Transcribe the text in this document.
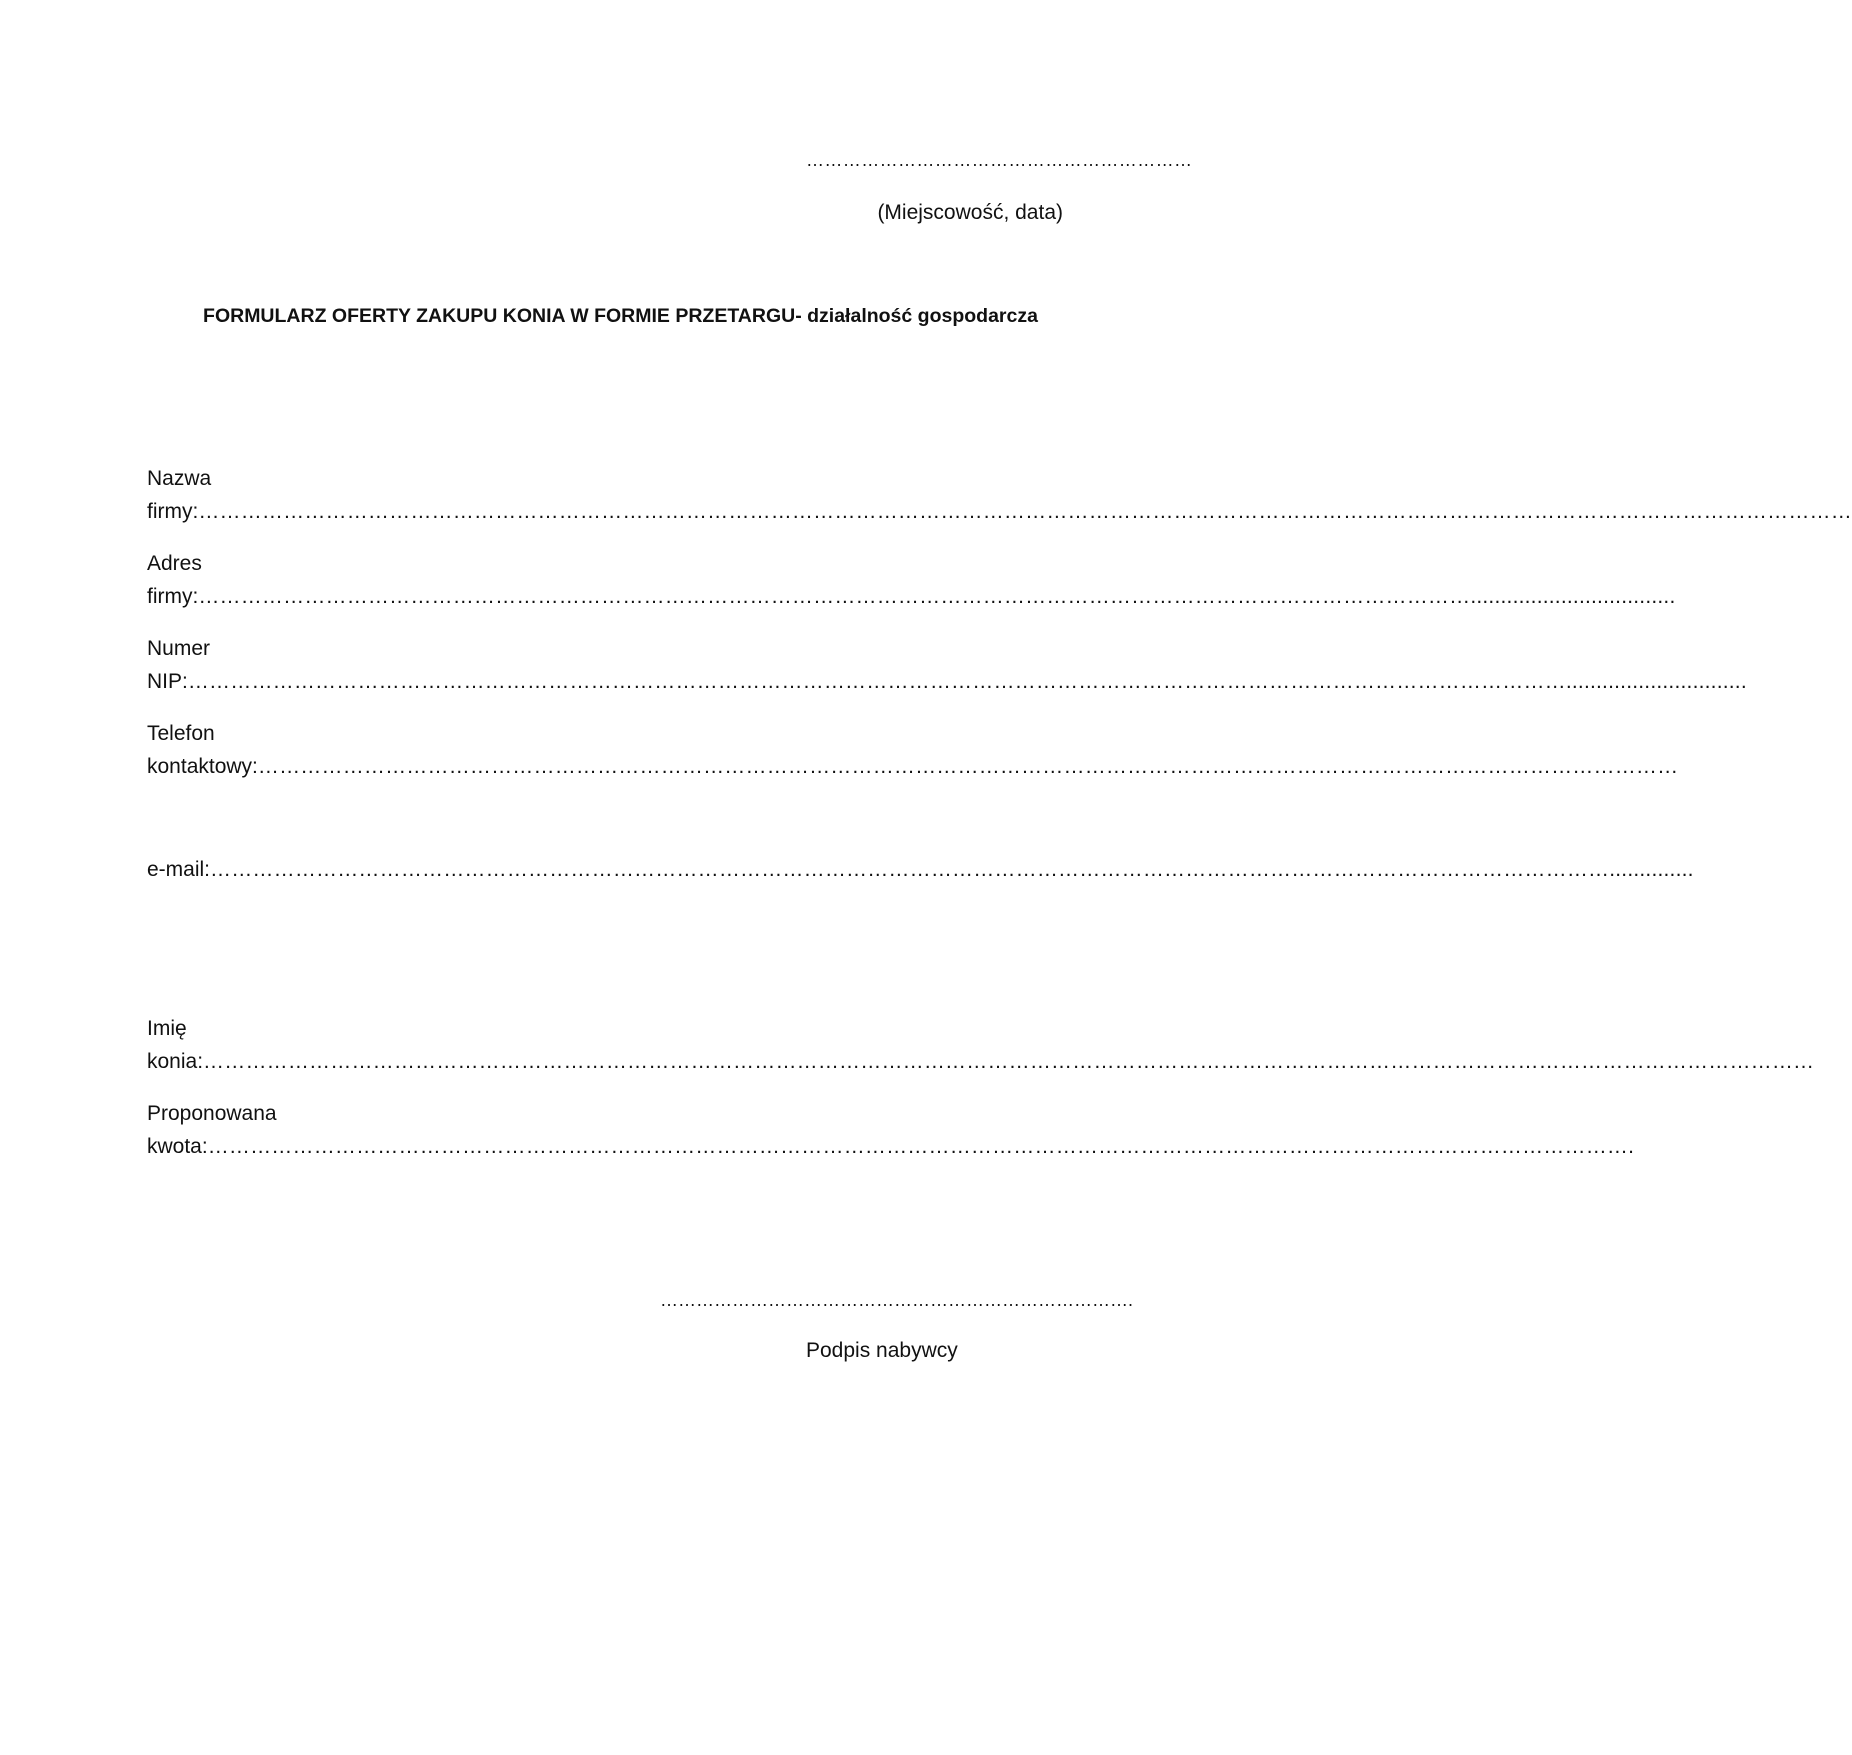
………………………………………………………
(Miejscowość, data)
FORMULARZ OFERTY ZAKUPU KONIA W FORMIE PRZETARGU- działalność gospodarcza
Nazwa
firmy: ………………………………………………………………………………………………………………………………………………………………………………………………………………
Adres
firmy: ………………………………………………………………………………………………………………………………………………………………..................................
Numer
NIP: ……………………………………………………………………………………………………………………………………………………………………………..............................
Telefon
kontaktowy: …………………………………………………………………………………………………………………………………………………………………………………
e-mail: ………………………………………………………………………………………………………………………………………………………………………………..............
Imię
konia: …………………………………………………………………………………………………………………………………………………………………………………………………………
Proponowana
kwota: ………………………………………………………………………………………………………………………………………………………………………………….
…………………………………………………………………….
Podpis nabywcy
